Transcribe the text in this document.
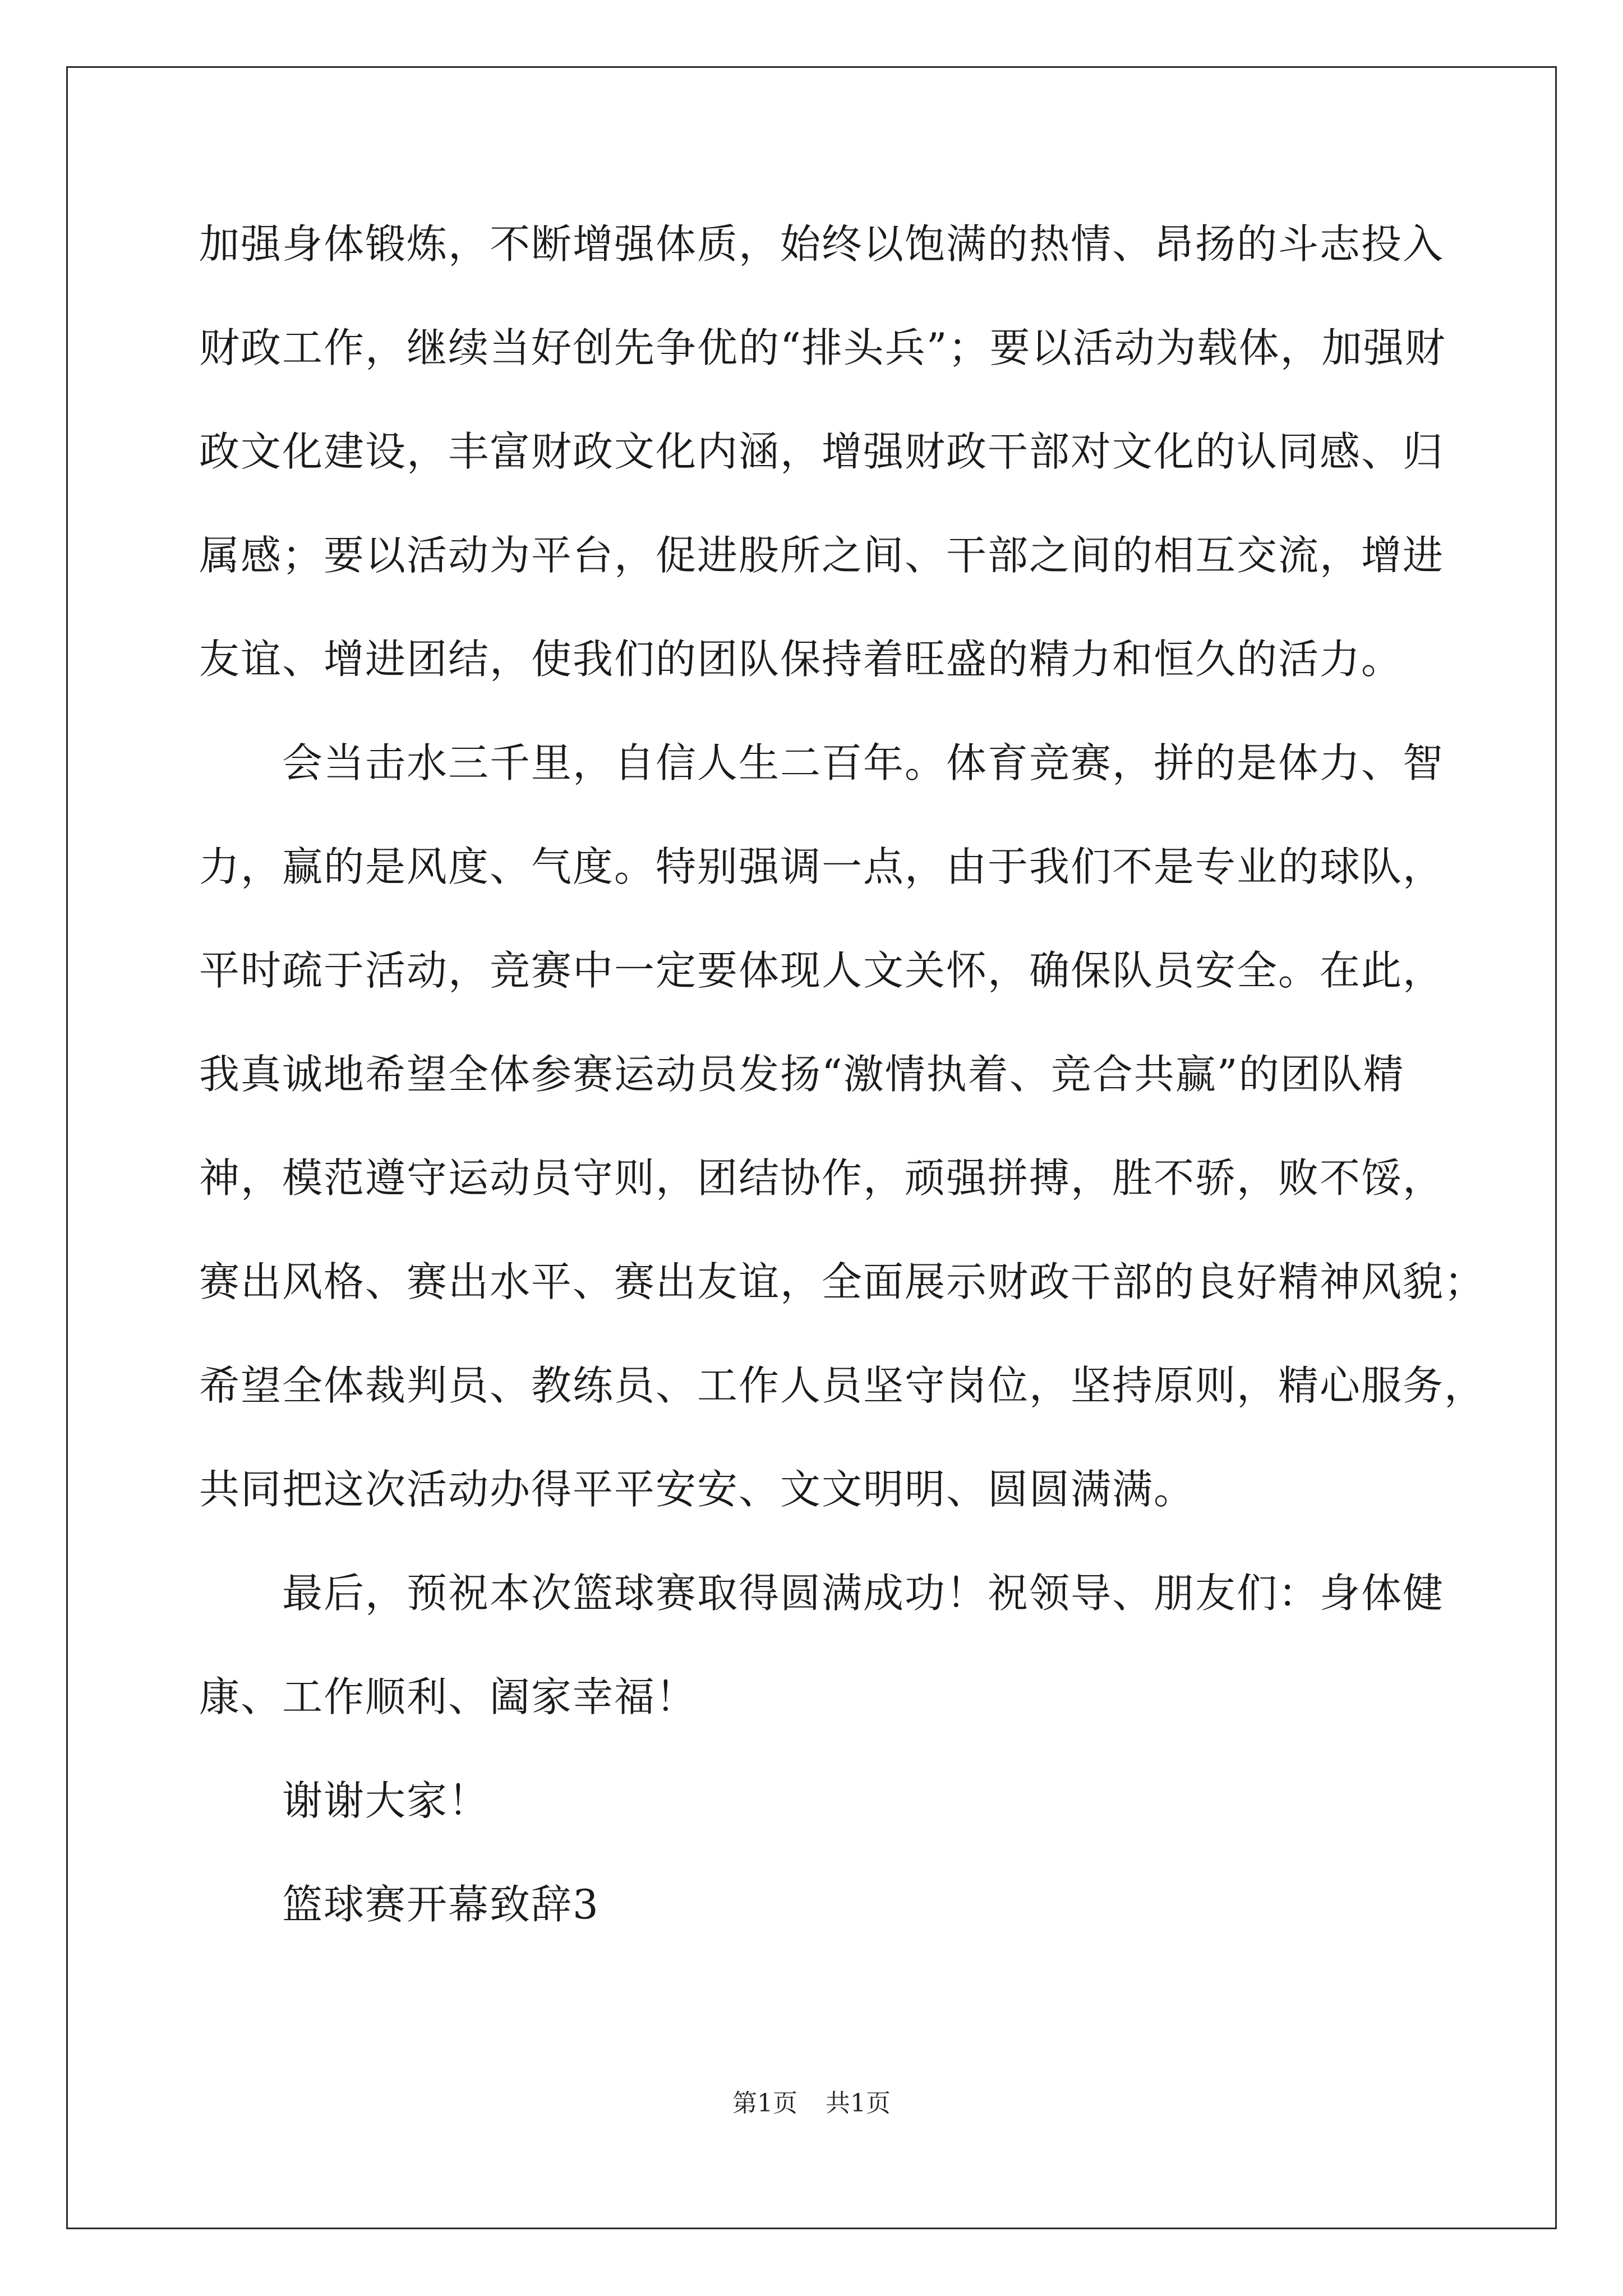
加强身体锻炼，不断增强体质，始终以饱满的热情、昂扬的斗志投入
财政工作，继续当好创先争优的“排头兵”；要以活动为载体，加强财
政文化建设，丰富财政文化内涵，增强财政干部对文化的认同感、归
属感；要以活动为平台，促进股所之间、干部之间的相互交流，增进
友谊、增进团结，使我们的团队保持着旺盛的精力和恒久的活力。
　　会当击水三千里，自信人生二百年。体育竞赛，拼的是体力、智
力，赢的是风度、气度。特别强调一点，由于我们不是专业的球队，
平时疏于活动，竞赛中一定要体现人文关怀，确保队员安全。在此，
我真诚地希望全体参赛运动员发扬“激情执着、竞合共赢”的团队精
神，模范遵守运动员守则，团结协作，顽强拼搏，胜不骄，败不馁，
赛出风格、赛出水平、赛出友谊，全面展示财政干部的良好精神风貌；
希望全体裁判员、教练员、工作人员坚守岗位，坚持原则，精心服务，
共同把这次活动办得平平安安、文文明明、圆圆满满。
　　最后，预祝本次篮球赛取得圆满成功！祝领导、朋友们：身体健
康、工作顺利、阖家幸福！
　　谢谢大家！
　　篮球赛开幕致辞3
第1页 共1页
